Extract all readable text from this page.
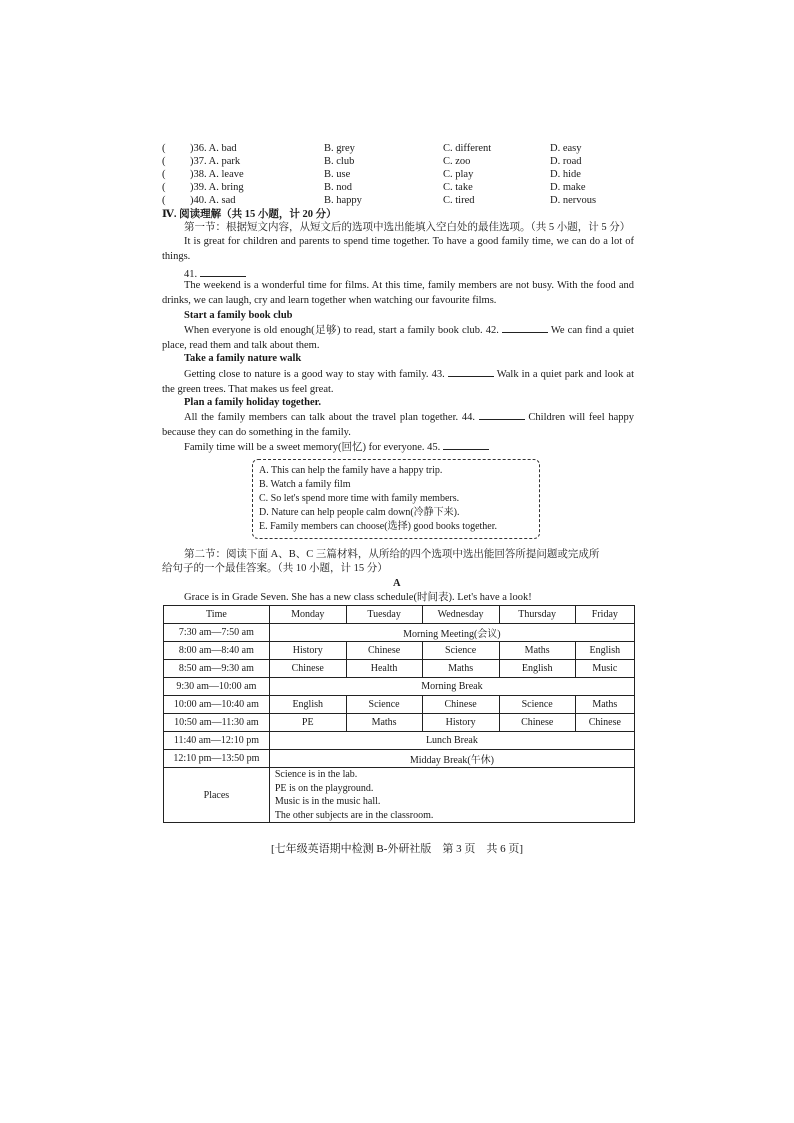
( )36. A. bad	B. grey	C. different	D. easy
( )37. A. park	B. club	C. zoo	D. road
( )38. A. leave	B. use	C. play	D. hide
( )39. A. bring	B. nod	C. take	D. make
( )40. A. sad	B. happy	C. tired	D. nervous
Ⅳ. 阅读理解（共 15 小题，计 20 分）
第一节：根据短文内容，从短文后的选项中选出能填入空白处的最佳选项。（共 5 小题，计 5 分）
It is great for children and parents to spend time together. To have a good family time, we can do a lot of things.
41.
The weekend is a wonderful time for films. At this time, family members are not busy. With the food and drinks, we can laugh, cry and learn together when watching our favourite films.
Start a family book club
When everyone is old enough(足够) to read, start a family book club. 42.	We can find a quiet place, read them and talk about them.
Take a family nature walk
Getting close to nature is a good way to stay with family. 43.	Walk in a quiet park and look at the green trees. That makes us feel great.
Plan a family holiday together.
All the family members can talk about the travel plan together. 44.	Children will feel happy because they can do something in the family.
Family time will be a sweet memory(回忆) for everyone. 45.
A. This can help the family have a happy trip.
B. Watch a family film
C. So let's spend more time with family members.
D. Nature can help people calm down(冷静下来).
E. Family members can choose(选择) good books together.
第二节：阅读下面 A、B、C 三篇材料，从所给的四个选项中选出能回答所提问题或完成所
给句子的一个最佳答案。（共 10 小题，计 15 分）
A
Grace is in Grade Seven. She has a new class schedule(时间表). Let's have a look!
Time	Monday	Tuesday	Wednesday	Thursday	Friday
7:30 am—7:50 am	Morning Meeting(会议)				
8:00 am—8:40 am	History	Chinese	Science	Maths	English
8:50 am—9:30 am	Chinese	Health	Maths	English	Music
9:30 am—10:00 am	Morning Break				
10:00 am—10:40 am	English	Science	Chinese	Science	Maths
10:50 am—11:30 am	PE	Maths	History	Chinese	Chinese
11:40 am—12:10 pm	Lunch Break				
12:10 pm—13:50 pm	Midday Break(午休)				
Places	Science is in the lab.
PE is on the playground.
Music is in the music hall.
The other subjects are in the classroom.				
[七年级英语期中检测 B-外研社版　第 3 页　共 6 页]
